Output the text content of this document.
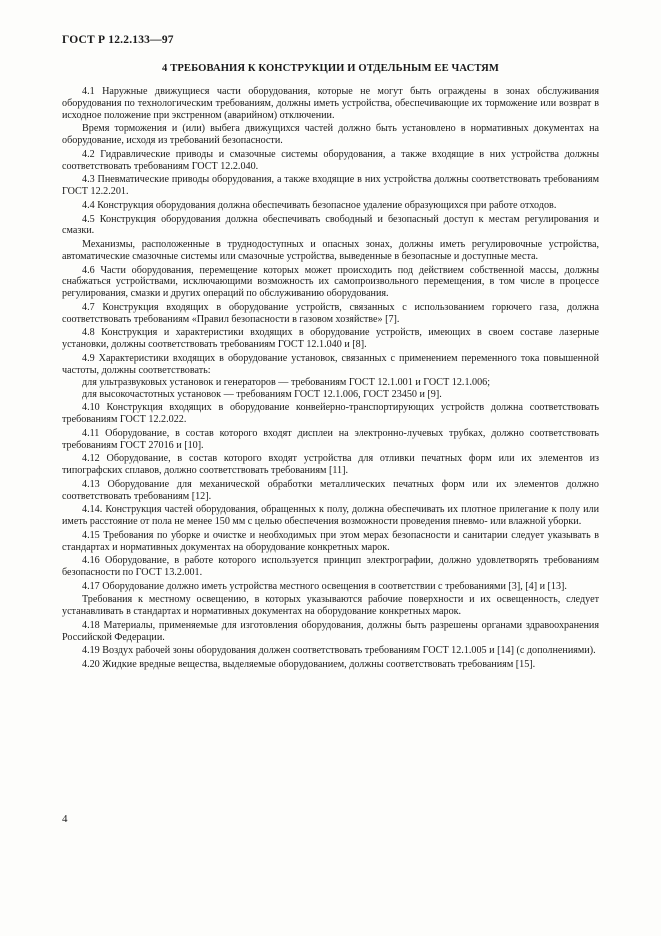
ГОСТ Р 12.2.133—97
4 ТРЕБОВАНИЯ К КОНСТРУКЦИИ И ОТДЕЛЬНЫМ ЕЕ ЧАСТЯМ

4.1 Наружные движущиеся части оборудования, которые не могут быть ограждены в зонах обслуживания оборудования по технологическим требованиям, должны иметь устройства, обеспечивающие их торможение или возврат в исходное положение при экстренном (аварийном) отключении.

Время торможения и (или) выбега движущихся частей должно быть установлено в нормативных документах на оборудование, исходя из требований безопасности.

4.2 Гидравлические приводы и смазочные системы оборудования, а также входящие в них устройства должны соответствовать требованиям ГОСТ 12.2.040.

4.3 Пневматические приводы оборудования, а также входящие в них устройства должны соответствовать требованиям ГОСТ 12.2.201.

4.4 Конструкция оборудования должна обеспечивать безопасное удаление образующихся при работе отходов.

4.5 Конструкция оборудования должна обеспечивать свободный и безопасный доступ к местам регулирования и смазки.

Механизмы, расположенные в труднодоступных и опасных зонах, должны иметь регулировочные устройства, автоматические смазочные системы или смазочные устройства, выведенные в безопасные и доступные места.

4.6 Части оборудования, перемещение которых может происходить под действием собственной массы, должны снабжаться устройствами, исключающими возможность их самопроизвольного перемещения, в том числе в процессе регулирования, смазки и других операций по обслуживанию оборудования.

4.7 Конструкция входящих в оборудование устройств, связанных с использованием горючего газа, должна соответствовать требованиям «Правил безопасности в газовом хозяйстве» [7].

4.8 Конструкция и характеристики входящих в оборудование устройств, имеющих в своем составе лазерные установки, должны соответствовать требованиям ГОСТ 12.1.040 и [8].

4.9 Характеристики входящих в оборудование установок, связанных с применением переменного тока повышенной частоты, должны соответствовать:

для ультразвуковых установок и генераторов — требованиям ГОСТ 12.1.001 и ГОСТ 12.1.006;

для высокочастотных установок — требованиям ГОСТ 12.1.006, ГОСТ 23450 и [9].

4.10 Конструкция входящих в оборудование конвейерно-транспортирующих устройств должна соответствовать требованиям ГОСТ 12.2.022.

4.11 Оборудование, в состав которого входят дисплеи на электронно-лучевых трубках, должно соответствовать требованиям ГОСТ 27016 и [10].

4.12 Оборудование, в состав которого входят устройства для отливки печатных форм или их элементов из типографских сплавов, должно соответствовать требованиям [11].

4.13 Оборудование для механической обработки металлических печатных форм или их элементов должно соответствовать требованиям [12].

4.14. Конструкция частей оборудования, обращенных к полу, должна обеспечивать их плотное прилегание к полу или иметь расстояние от пола не менее 150 мм с целью обеспечения возможности проведения пневмо- или влажной уборки.

4.15 Требования по уборке и очистке и необходимых при этом мерах безопасности и санитарии следует указывать в стандартах и нормативных документах на оборудование конкретных марок.

4.16 Оборудование, в работе которого используется принцип электрографии, должно удовлетворять требованиям безопасности по ГОСТ 13.2.001.

4.17 Оборудование должно иметь устройства местного освещения в соответствии с требованиями [3], [4] и [13].

Требования к местному освещению, в которых указываются рабочие поверхности и их освещенность, следует устанавливать в стандартах и нормативных документах на оборудование конкретных марок.

4.18 Материалы, применяемые для изготовления оборудования, должны быть разрешены органами здравоохранения Российской Федерации.

4.19 Воздух рабочей зоны оборудования должен соответствовать требованиям ГОСТ 12.1.005 и [14] (с дополнениями).

4.20 Жидкие вредные вещества, выделяемые оборудованием, должны соответствовать требованиям [15].

4
